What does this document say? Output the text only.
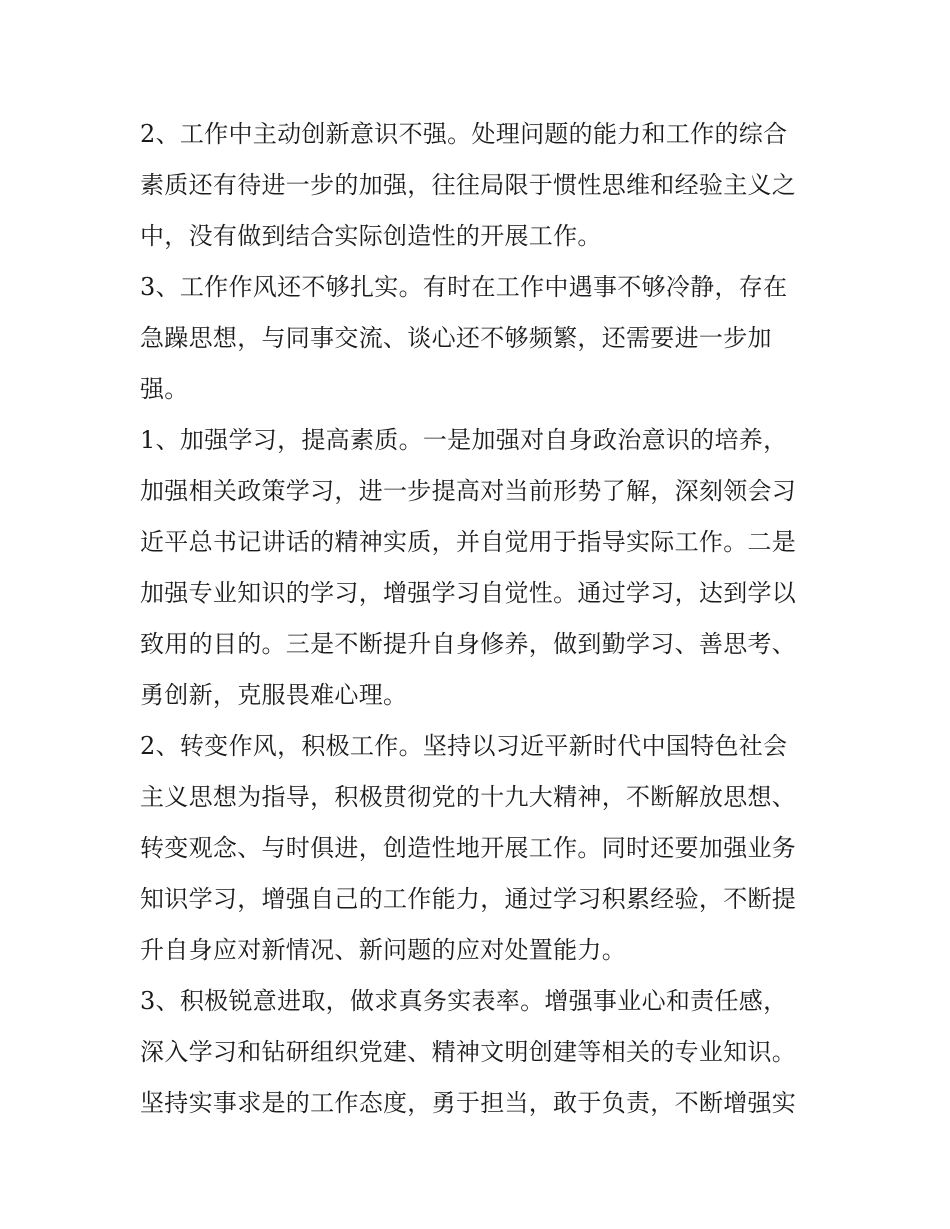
2、工作中主动创新意识不强。处理问题的能力和工作的综合
素质还有待进一步的加强，往往局限于惯性思维和经验主义之
中，没有做到结合实际创造性的开展工作。

3、工作作风还不够扎实。有时在工作中遇事不够冷静，存在
急躁思想，与同事交流、谈心还不够频繁，还需要进一步加
强。

1、加强学习，提高素质。一是加强对自身政治意识的培养，
加强相关政策学习，进一步提高对当前形势了解，深刻领会习
近平总书记讲话的精神实质，并自觉用于指导实际工作。二是
加强专业知识的学习，增强学习自觉性。通过学习，达到学以
致用的目的。三是不断提升自身修养，做到勤学习、善思考、
勇创新，克服畏难心理。

2、转变作风，积极工作。坚持以习近平新时代中国特色社会
主义思想为指导，积极贯彻党的十九大精神，不断解放思想、
转变观念、与时俱进，创造性地开展工作。同时还要加强业务
知识学习，增强自己的工作能力，通过学习积累经验，不断提
升自身应对新情况、新问题的应对处置能力。

3、积极锐意进取，做求真务实表率。增强事业心和责任感，
深入学习和钻研组织党建、精神文明创建等相关的专业知识。
坚持实事求是的工作态度，勇于担当，敢于负责，不断增强实
